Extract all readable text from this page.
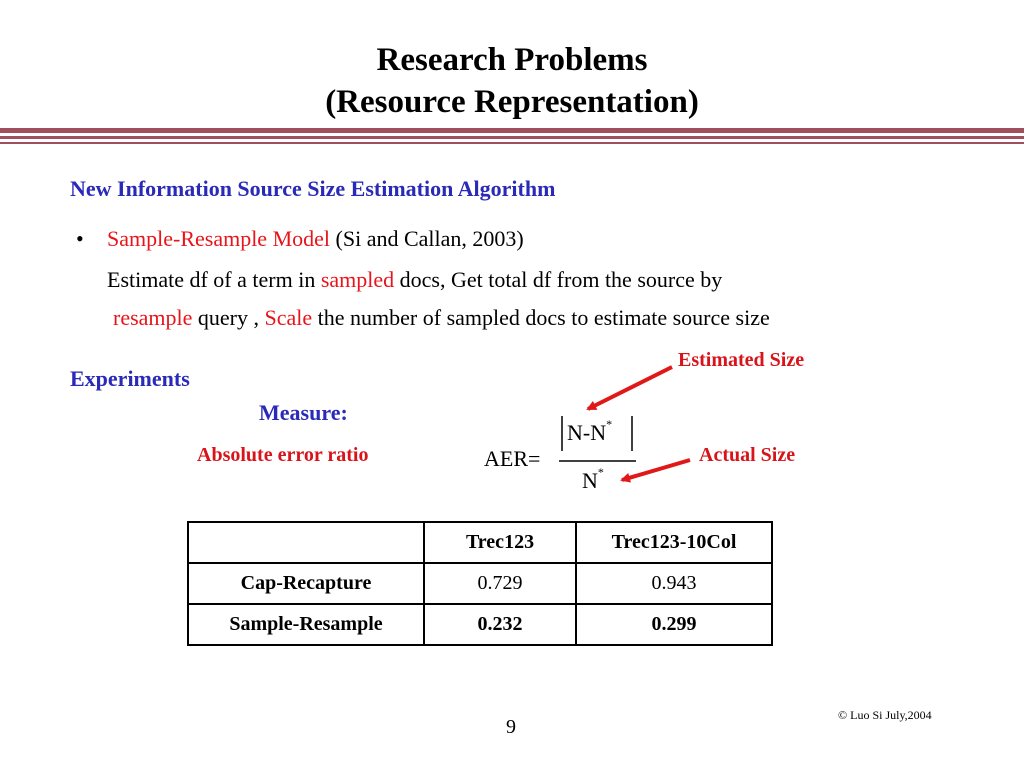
Research Problems
(Resource Representation)
New Information Source Size Estimation Algorithm
• Sample-Resample Model (Si and Callan, 2003)
Estimate df of a term in sampled docs, Get total df from the source by
resample query , Scale the number of sampled docs to estimate source size
Estimated Size
Experiments
Measure:
Absolute error ratio	AER=
N-N*
N*
Actual Size
	Trec123	Trec123-10Col
Cap-Recapture	0.729	0.943
Sample-Resample	0.232	0.299
© Luo Si July,2004
9
